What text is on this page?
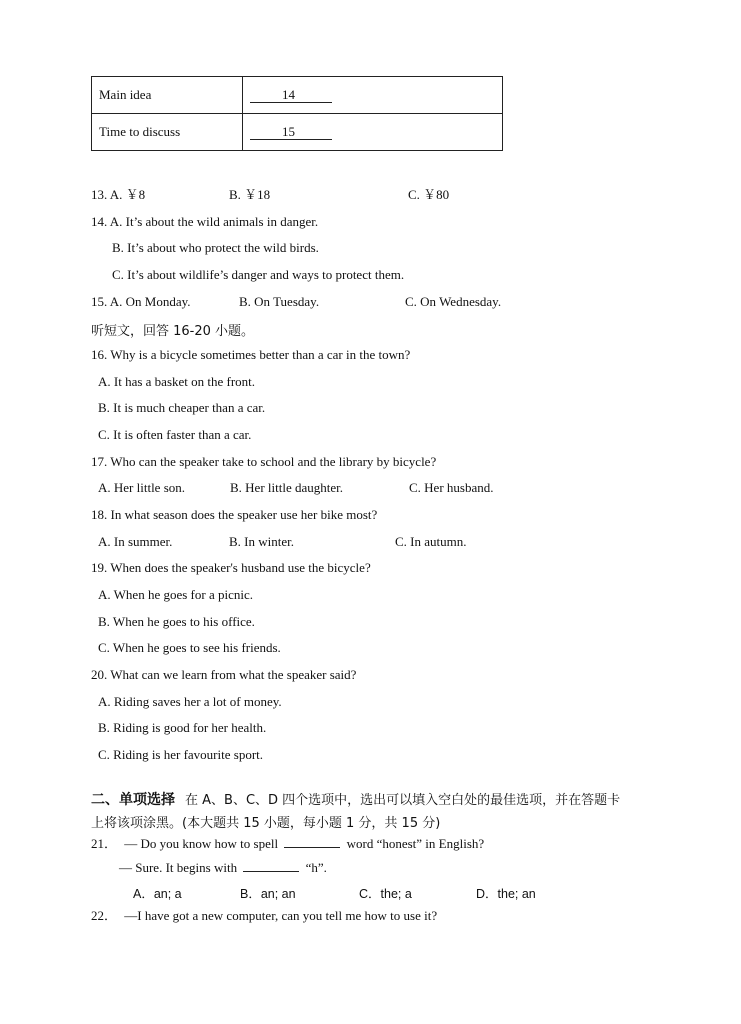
Main idea	14
Time to discuss	15
13. A. ￥8	B. ￥18	C. ￥80
14. A. It’s about the wild animals in danger.
B. It’s about who protect the wild birds.
C. It’s about wildlife’s danger and ways to protect them.
15. A. On Monday.	B. On Tuesday.	C. On Wednesday.
听短文，回答 16-20 小题。
16. Why is a bicycle sometimes better than a car in the town?
A. It has a basket on the front.
B. It is much cheaper than a car.
C. It is often faster than a car.
17. Who can the speaker take to school and the library by bicycle?
A. Her little son.	B. Her little daughter.	C. Her husband.
18. In what season does the speaker use her bike most?
A. In summer.	B. In winter.	C. In autumn.
19. When does the speaker's husband use the bicycle?
A. When he goes for a picnic.
B. When he goes to his office.
C. When he goes to see his friends.
20. What can we learn from what the speaker said?
A. Riding saves her a lot of money.
B. Riding is good for her health.
C. Riding is her favourite sport.
二、单项选择 在 A、B、C、D 四个选项中，选出可以填入空白处的最佳选项，并在答题卡
上将该项涂黑。(本大题共 15 小题，每小题 1 分，共 15 分)
21． — Do you know how to spell	word “honest” in English?
— Sure. It begins with	“h”.
A．an; a	B．an; an	C．the; a	D．the; an
22． —I have got a new computer, can you tell me how to use it?
